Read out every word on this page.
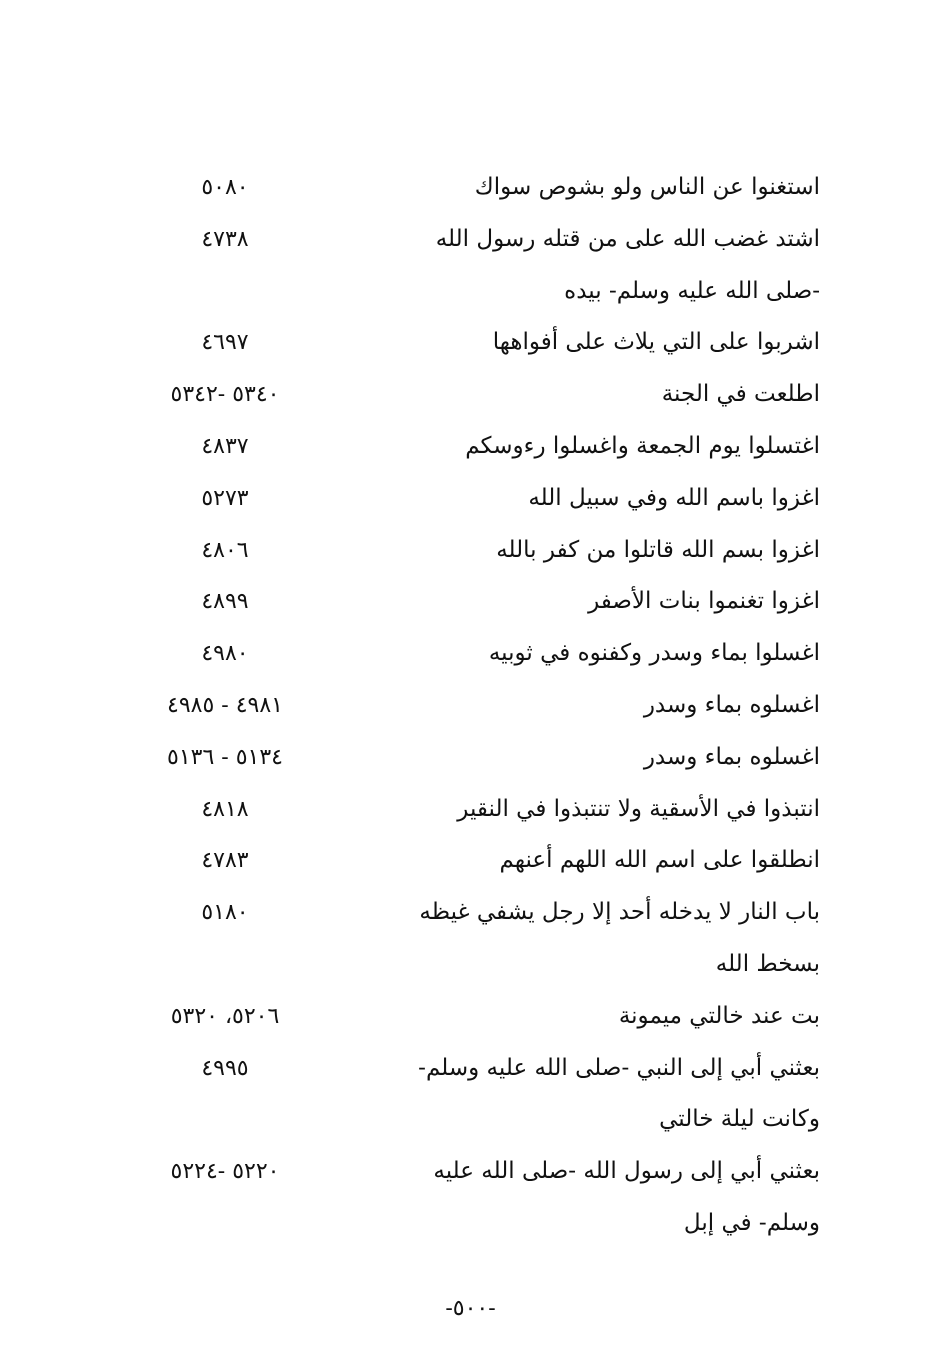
استغنوا عن الناس ولو بشوص سواك
٥٠٨٠
اشتد غضب الله على من قتله رسول الله -صلى الله عليه وسلم- بيده
٤٧٣٨
اشربوا على التي يلاث على أفواهها
٤٦٩٧
اطلعت في الجنة
٥٣٤٠ -٥٣٤٢
اغتسلوا يوم الجمعة واغسلوا رءوسكم
٤٨٣٧
اغزوا باسم الله وفي سبيل الله
٥٢٧٣
اغزوا بسم الله قاتلوا من كفر بالله
٤٨٠٦
اغزوا تغنموا بنات الأصفر
٤٨٩٩
اغسلوا بماء وسدر وكفنوه في ثوبيه
٤٩٨٠
اغسلوه بماء وسدر
٤٩٨١ - ٤٩٨٥
اغسلوه بماء وسدر
٥١٣٤ - ٥١٣٦
انتبذوا في الأسقية ولا تنتبذوا في النقير
٤٨١٨
انطلقوا على اسم الله اللهم أعنهم
٤٧٨٣
باب النار لا يدخله أحد إلا رجل يشفي غيظه بسخط الله
٥١٨٠
بت عند خالتي ميمونة
٥٢٠٦، ٥٣٢٠
بعثني أبي إلى النبي -صلى الله عليه وسلم- وكانت ليلة خالتي
٤٩٩٥
بعثني أبي إلى رسول الله -صلى الله عليه وسلم- في إبل
٥٢٢٠ -٥٢٢٤
-٥٠٠-
